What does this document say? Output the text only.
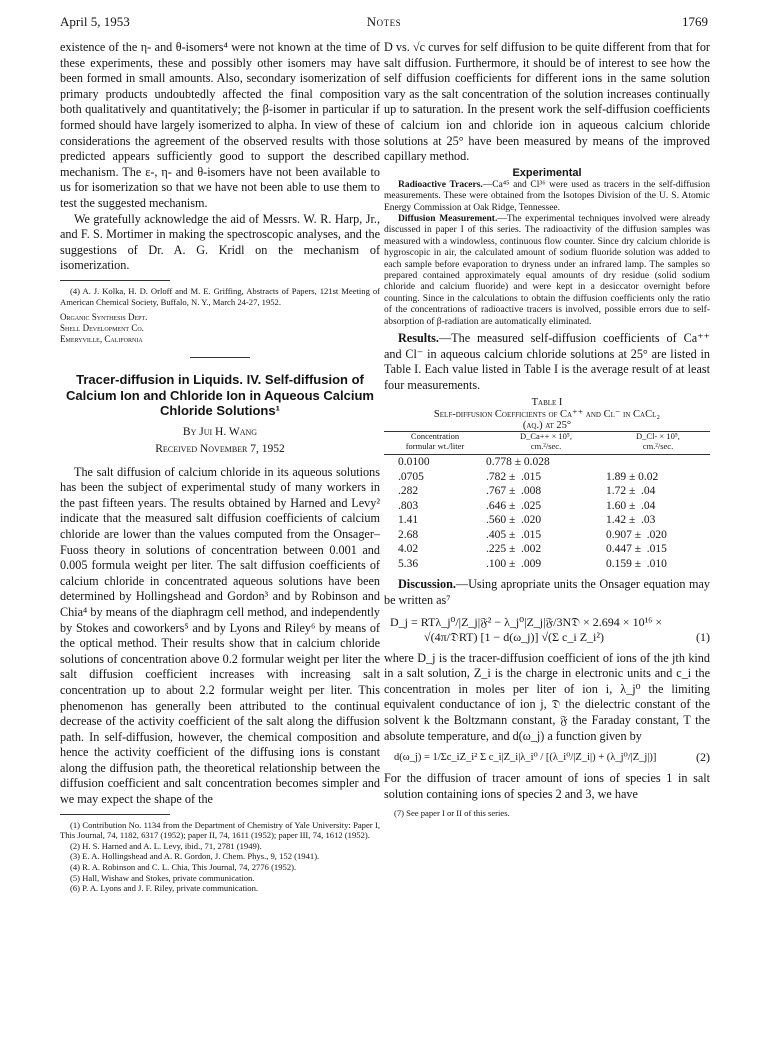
April 5, 1953	Notes	1769

existence of the η- and θ-isomers⁴ were not known at the time of these experiments, these and possibly other isomers may have been formed in small amounts. Also, secondary isomerization of primary products undoubtedly affected the final composition both qualitatively and quantitatively; the β-isomer in particular if formed should have largely isomerized to alpha. In view of these considerations the agreement of the observed results with those predicted appears sufficiently good to support the described mechanism. The ε-, η- and θ-isomers have not been available to us for isomerization so that we have not been able to use them to test the suggested mechanism.

We gratefully acknowledge the aid of Messrs. W. R. Harp, Jr., and F. S. Mortimer in making the spectroscopic analyses, and the suggestions of Dr. A. G. Kridl on the mechanism of isomerization.

(4) A. J. Kolka, H. D. Orloff and M. E. Griffing, Abstracts of Papers, 121st Meeting of American Chemical Society, Buffalo, N. Y., March 24-27, 1952.

Organic Synthesis Dept.

Shell Development Co.

Emeryville, California

Tracer-diffusion in Liquids. IV. Self-diffusion of Calcium Ion and Chloride Ion in Aqueous Calcium Chloride Solutions¹

By Jui H. Wang

Received November 7, 1952

The salt diffusion of calcium chloride in its aqueous solutions has been the subject of experimental study of many workers in the past fifteen years. The results obtained by Harned and Levy² indicate that the measured salt diffusion coefficients of calcium chloride are lower than the values computed from the Onsager–Fuoss theory in solutions of concentration between 0.001 and 0.005 formula weight per liter. The salt diffusion coefficients of calcium chloride in concentrated aqueous solutions have been determined by Hollingshead and Gordon³ and by Robinson and Chia⁴ by means of the diaphragm cell method, and independently by Stokes and coworkers⁵ and by Lyons and Riley⁶ by means of the optical method. Their results show that in calcium chloride solutions of concentration above 0.2 formular weight per liter the salt diffusion coefficient increases with increasing salt concentration up to about 2.2 formular weight per liter. This phenomenon has generally been attributed to the continual decrease of the activity coefficient of the salt along the diffusion path. In self-diffusion, however, the chemical composition and hence the activity coefficient of the diffusing ions is constant along the diffusion path, the theoretical relationship between the diffusion coefficient and salt concentration becomes simpler and we may expect the shape of the

(1) Contribution No. 1134 from the Department of Chemistry of Yale University: Paper I, This Journal, 74, 1182, 6317 (1952); paper II, 74, 1611 (1952); paper III, 74, 1612 (1952).

(2) H. S. Harned and A. L. Levy, ibid., 71, 2781 (1949).

(3) E. A. Hollingshead and A. R. Gordon, J. Chem. Phys., 9, 152 (1941).

(4) R. A. Robinson and C. L. Chia, This Journal, 74, 2776 (1952).

(5) Hall, Wishaw and Stokes, private communication.

(6) P. A. Lyons and J. F. Riley, private communication.

D vs. √c curves for self diffusion to be quite different from that for salt diffusion. Furthermore, it should be of interest to see how the self diffusion coefficients for different ions in the same solution vary as the salt concentration of the solution increases continually up to saturation. In the present work the self-diffusion coefficients of calcium ion and chloride ion in aqueous calcium chloride solutions at 25° have been measured by means of the improved capillary method.

Experimental

Radioactive Tracers.—Ca⁴⁵ and Cl³⁶ were used as tracers in the self-diffusion measurements. These were obtained from the Isotopes Division of the U. S. Atomic Energy Commission at Oak Ridge, Tennessee.

Diffusion Measurement.—The experimental techniques involved were already discussed in paper I of this series. The radioactivity of the diffusion samples was measured with a windowless, continuous flow counter. Since dry calcium chloride is hygroscopic in air, the calculated amount of sodium fluoride solution was added to each sample before evaporation to dryness under an infrared lamp. The samples so prepared contained approximately equal amounts of dry residue (solid sodium chloride and calcium fluoride) and were kept in a desiccator overnight before counting. Since in the calculations to obtain the diffusion coefficients only the ratio of the concentrations of radioactive tracers is involved, possible errors due to self-absorption of β-radiation are automatically eliminated.

Results.—The measured self-diffusion coefficients of Ca⁺⁺ and Cl⁻ in aqueous calcium chloride solutions at 25° are listed in Table I. Each value listed in Table I is the average result of at least four measurements.

Table I

Self-diffusion Coefficients of Ca⁺⁺ and Cl⁻ in CaCl₂

(aq.) at 25°

Concentration
formular wt./liter	D_Ca++ × 10⁵,
cm.²/sec.	D_Cl- × 10⁵,
cm.²/sec.
0.0100	0.778 ± 0.028	
.0705	.782 ±  .015	1.89 ± 0.02
.282	.767 ±  .008	1.72 ±  .04
.803	.646 ±  .025	1.60 ±  .04
1.41	.560 ±  .020	1.42 ±  .03
2.68	.405 ±  .015	0.907 ±  .020
4.02	.225 ±  .002	0.447 ±  .015
5.36	.100 ±  .009	0.159 ±  .010

Discussion.—Using apropriate units the Onsager equation may be written as⁷

D_j = RTλ_j⁰/|Z_j|𝔉² − λ_j⁰|Z_j|𝔉/3N𝔇 × 2.694 × 10¹⁶ ×
√(4π/𝔇RT) [1 − d(ω_j)] √(Σ c_i Z_i²)	(1)

where D_j is the tracer-diffusion coefficient of ions of the jth kind in a salt solution, Z_i is the charge in electronic units and c_i the concentration in moles per liter of ion i, λ_j⁰ the limiting equivalent conductance of ion j, 𝔇 the dielectric constant of the solvent k the Boltzmann constant, 𝔉 the Faraday constant, T the absolute temperature, and d(ω_j) a function given by

d(ω_j) = 1/Σc_iZ_i² Σ c_i|Z_i|λ_i⁰ / [(λ_i⁰/|Z_i|) + (λ_j⁰/|Z_j|)]	(2)

For the diffusion of tracer amount of ions of species 1 in salt solution containing ions of species 2 and 3, we have

(7) See paper I or II of this series.
